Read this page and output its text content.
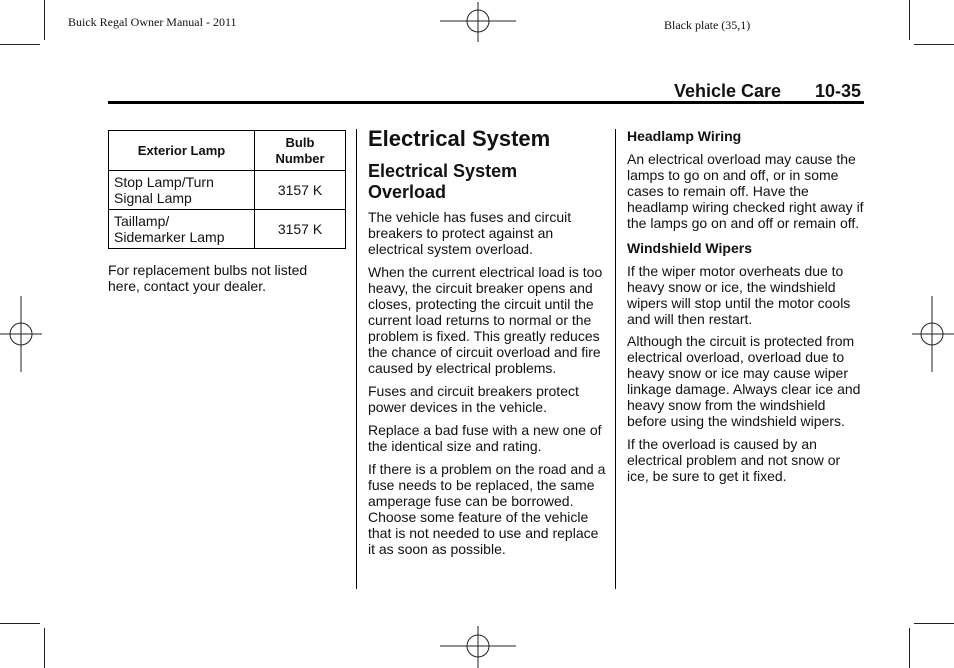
Buick Regal Owner Manual - 2011	Black plate (35,1)
Vehicle Care 10-35
Exterior Lamp	Bulb
Number
Stop Lamp/Turn
Signal Lamp	3157 K
Taillamp/
Sidemarker Lamp	3157 K

For replacement bulbs not listed here, contact your dealer.

Electrical System
Electrical System Overload

The vehicle has fuses and circuit breakers to protect against an electrical system overload.

When the current electrical load is too heavy, the circuit breaker opens and closes, protecting the circuit until the current load returns to normal or the problem is fixed. This greatly reduces the chance of circuit overload and fire caused by electrical problems.

Fuses and circuit breakers protect power devices in the vehicle.

Replace a bad fuse with a new one of the identical size and rating.

If there is a problem on the road and a fuse needs to be replaced, the same amperage fuse can be borrowed. Choose some feature of the vehicle that is not needed to use and replace it as soon as possible.

Headlamp Wiring

An electrical overload may cause the lamps to go on and off, or in some cases to remain off. Have the headlamp wiring checked right away if the lamps go on and off or remain off.

Windshield Wipers

If the wiper motor overheats due to heavy snow or ice, the windshield wipers will stop until the motor cools and will then restart.

Although the circuit is protected from electrical overload, overload due to heavy snow or ice may cause wiper linkage damage. Always clear ice and heavy snow from the windshield before using the windshield wipers.

If the overload is caused by an electrical problem and not snow or ice, be sure to get it fixed.
